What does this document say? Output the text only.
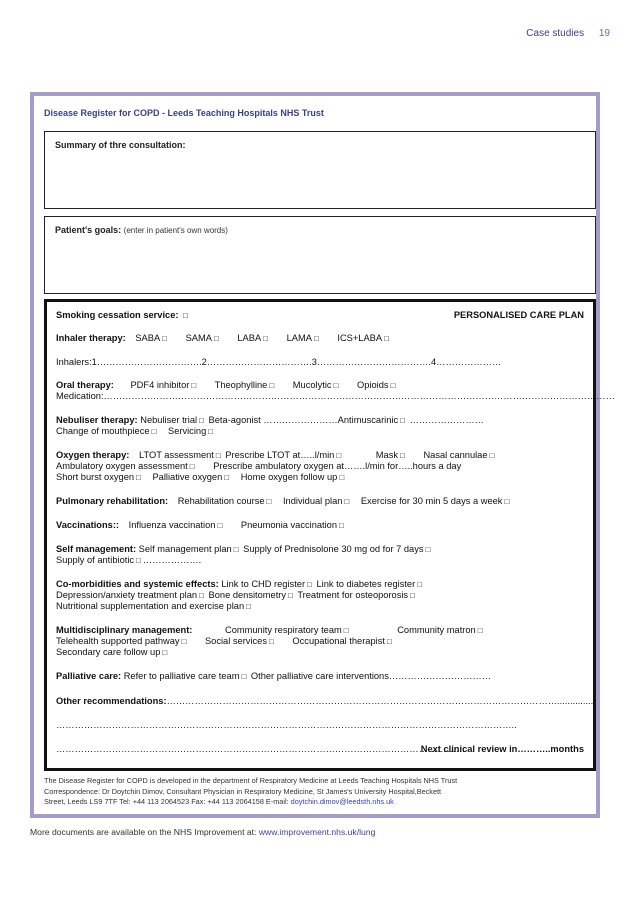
Case studies 19
Disease Register for COPD - Leeds Teaching Hospitals NHS Trust
Summary of thre consultation:
Patient's goals: (enter in patient's own words)
Smoking cessation service: □	PERSONALISED CARE PLAN
Inhaler therapy: SABA □ SAMA □ LABA □ LAMA □ ICS+LABA □
Inhalers:1…………………………….2…………………………….3……………………………….4…………………
Oral therapy: PDF4 inhibitor □ Theophylline □ Mucolytic □ Opioids □
Medication:…………………………………………………………………………………………………………………………………………………
Nebuliser therapy: Nebuliser trial □ Beta-agonist ……………………Antimuscarinic □ ……………………
Change of mouthpiece □ Servicing □
Oxygen therapy: LTOT assessment □ Prescribe LTOT at…..l/min □	Mask □ Nasal cannulae □
Ambulatory oxygen assessment □ Prescribe ambulatory oxygen at…….l/min for…..hours a day
Short burst oxygen □ Palliative oxygen □ Home oxygen follow up □
Pulmonary rehabilitation: Rehabilitation course □ Individual plan □ Exercise for 30 min 5 days a week □
Vaccinations:: Influenza vaccination □ Pneumonia vaccination □
Self management: Self management plan □ Supply of Prednisolone 30 mg od for 7 days □
Supply of antibiotic □ ……………….
Co-morbidities and systemic effects: Link to CHD register □ Link to diabetes register □
Depression/anxiety treatment plan □ Bone densitometry □ Treatment for osteoporosis □
Nutritional supplementation and exercise plan □
Multidisciplinary management:	Community respiratory team □	Community matron □
Telehealth supported pathway □ Social services □ Occupational therapist □
Secondary care follow up □
Palliative care: Refer to palliative care team □ Other palliative care interventions……………………………
Other recommendations:………………………………………………………………………………………………………………...............
…………………………………………………………………………………………………………………………………..
……………………………………………………………………………………………………………………
Next clinical review in………..months
The Disease Register for COPD is developed in the department of Respiratory Medicine at Leeds Teaching Hospitals NHS Trust
Correspondence: Dr Doytchin Dimov, Consultant Physician in Respiratory Medicine, St James's University Hospital,Beckett
Street, Leeds LS9 7TF Tel: +44 113 2064523 Fax: +44 113 2064158 E-mail: doytchin.dimov@leedsth.nhs.uk
More documents are available on the NHS Improvement at: www.improvement.nhs.uk/lung
